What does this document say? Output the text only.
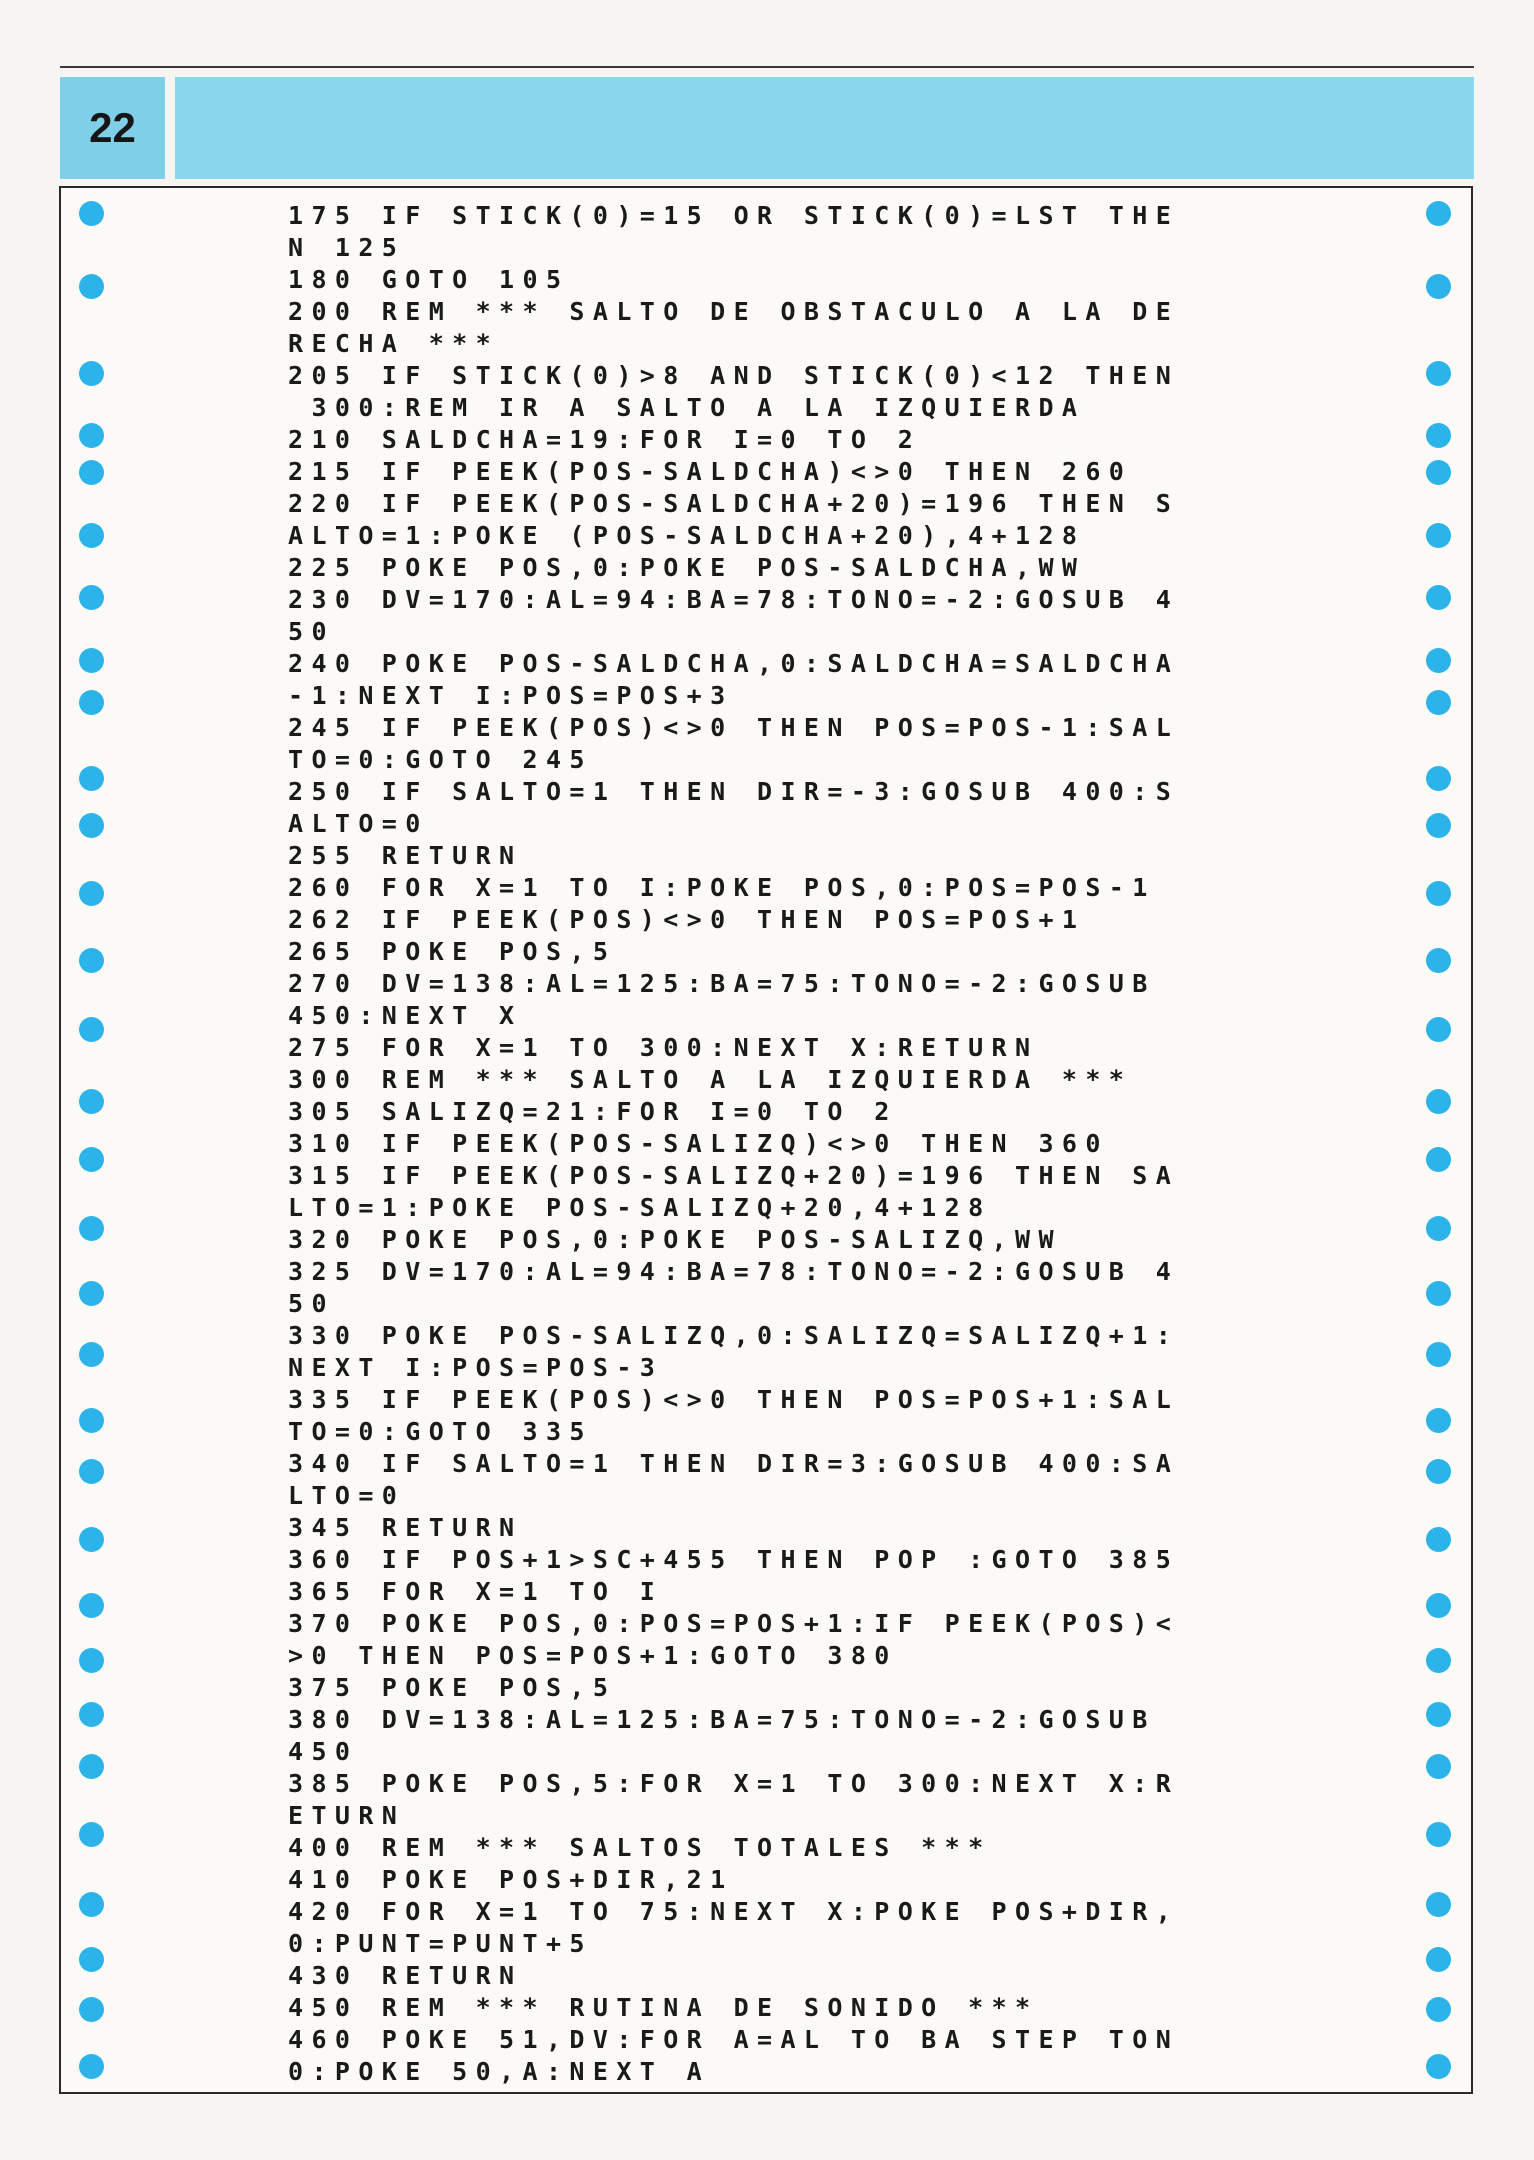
22
175 IF STICK(0)=15 OR STICK(0)=LST THE
N 125
180 GOTO 105
200 REM *** SALTO DE OBSTACULO A LA DE
RECHA ***
205 IF STICK(0)>8 AND STICK(0)<12 THEN
300:REM IR A SALTO A LA IZQUIERDA
210 SALDCHA=19:FOR I=0 TO 2
215 IF PEEK(POS-SALDCHA)<>0 THEN 260
220 IF PEEK(POS-SALDCHA+20)=196 THEN S
ALTO=1:POKE (POS-SALDCHA+20),4+128
225 POKE POS,0:POKE POS-SALDCHA,WW
230 DV=170:AL=94:BA=78:TONO=-2:GOSUB 4
50
240 POKE POS-SALDCHA,0:SALDCHA=SALDCHA
-1:NEXT I:POS=POS+3
245 IF PEEK(POS)<>0 THEN POS=POS-1:SAL
TO=0:GOTO 245
250 IF SALTO=1 THEN DIR=-3:GOSUB 400:S
ALTO=0
255 RETURN
260 FOR X=1 TO I:POKE POS,0:POS=POS-1
262 IF PEEK(POS)<>0 THEN POS=POS+1
265 POKE POS,5
270 DV=138:AL=125:BA=75:TONO=-2:GOSUB
450:NEXT X
275 FOR X=1 TO 300:NEXT X:RETURN
300 REM *** SALTO A LA IZQUIERDA ***
305 SALIZQ=21:FOR I=0 TO 2
310 IF PEEK(POS-SALIZQ)<>0 THEN 360
315 IF PEEK(POS-SALIZQ+20)=196 THEN SA
LTO=1:POKE POS-SALIZQ+20,4+128
320 POKE POS,0:POKE POS-SALIZQ,WW
325 DV=170:AL=94:BA=78:TONO=-2:GOSUB 4
50
330 POKE POS-SALIZQ,0:SALIZQ=SALIZQ+1:
NEXT I:POS=POS-3
335 IF PEEK(POS)<>0 THEN POS=POS+1:SAL
TO=0:GOTO 335
340 IF SALTO=1 THEN DIR=3:GOSUB 400:SA
LTO=0
345 RETURN
360 IF POS+1>SC+455 THEN POP :GOTO 385
365 FOR X=1 TO I
370 POKE POS,0:POS=POS+1:IF PEEK(POS)<
>0 THEN POS=POS+1:GOTO 380
375 POKE POS,5
380 DV=138:AL=125:BA=75:TONO=-2:GOSUB
450
385 POKE POS,5:FOR X=1 TO 300:NEXT X:R
ETURN
400 REM *** SALTOS TOTALES ***
410 POKE POS+DIR,21
420 FOR X=1 TO 75:NEXT X:POKE POS+DIR,
0:PUNT=PUNT+5
430 RETURN
450 REM *** RUTINA DE SONIDO ***
460 POKE 51,DV:FOR A=AL TO BA STEP TON
0:POKE 50,A:NEXT A
